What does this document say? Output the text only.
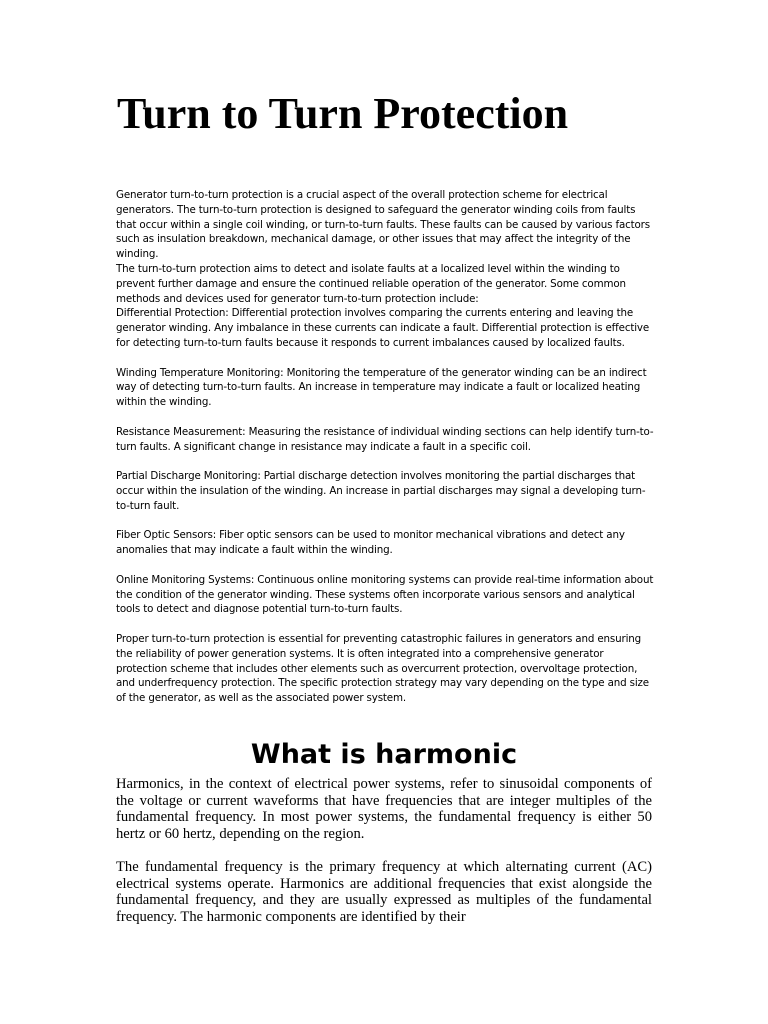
Turn to Turn Protection

Generator turn-to-turn protection is a crucial aspect of the overall protection scheme for electrical generators. The turn-to-turn protection is designed to safeguard the generator winding coils from faults that occur within a single coil winding, or turn-to-turn faults. These faults can be caused by various factors such as insulation breakdown, mechanical damage, or other issues that may affect the integrity of the winding.

The turn-to-turn protection aims to detect and isolate faults at a localized level within the winding to prevent further damage and ensure the continued reliable operation of the generator. Some common methods and devices used for generator turn-to-turn protection include:

Differential Protection: Differential protection involves comparing the currents entering and leaving the generator winding. Any imbalance in these currents can indicate a fault. Differential protection is effective for detecting turn-to-turn faults because it responds to current imbalances caused by localized faults.

Winding Temperature Monitoring: Monitoring the temperature of the generator winding can be an indirect way of detecting turn-to-turn faults. An increase in temperature may indicate a fault or localized heating within the winding.

Resistance Measurement: Measuring the resistance of individual winding sections can help identify turn-to-turn faults. A significant change in resistance may indicate a fault in a specific coil.

Partial Discharge Monitoring: Partial discharge detection involves monitoring the partial discharges that occur within the insulation of the winding. An increase in partial discharges may signal a developing turn-to-turn fault.

Fiber Optic Sensors: Fiber optic sensors can be used to monitor mechanical vibrations and detect any anomalies that may indicate a fault within the winding.

Online Monitoring Systems: Continuous online monitoring systems can provide real-time information about the condition of the generator winding. These systems often incorporate various sensors and analytical tools to detect and diagnose potential turn-to-turn faults.

Proper turn-to-turn protection is essential for preventing catastrophic failures in generators and ensuring the reliability of power generation systems. It is often integrated into a comprehensive generator protection scheme that includes other elements such as overcurrent protection, overvoltage protection, and underfrequency protection. The specific protection strategy may vary depending on the type and size of the generator, as well as the associated power system.

What is harmonic

Harmonics, in the context of electrical power systems, refer to sinusoidal components of the voltage or current waveforms that have frequencies that are integer multiples of the fundamental frequency. In most power systems, the fundamental frequency is either 50 hertz or 60 hertz, depending on the region.

The fundamental frequency is the primary frequency at which alternating current (AC) electrical systems operate. Harmonics are additional frequencies that exist alongside the fundamental frequency, and they are usually expressed as multiples of the fundamental frequency. The harmonic components are identified by their
